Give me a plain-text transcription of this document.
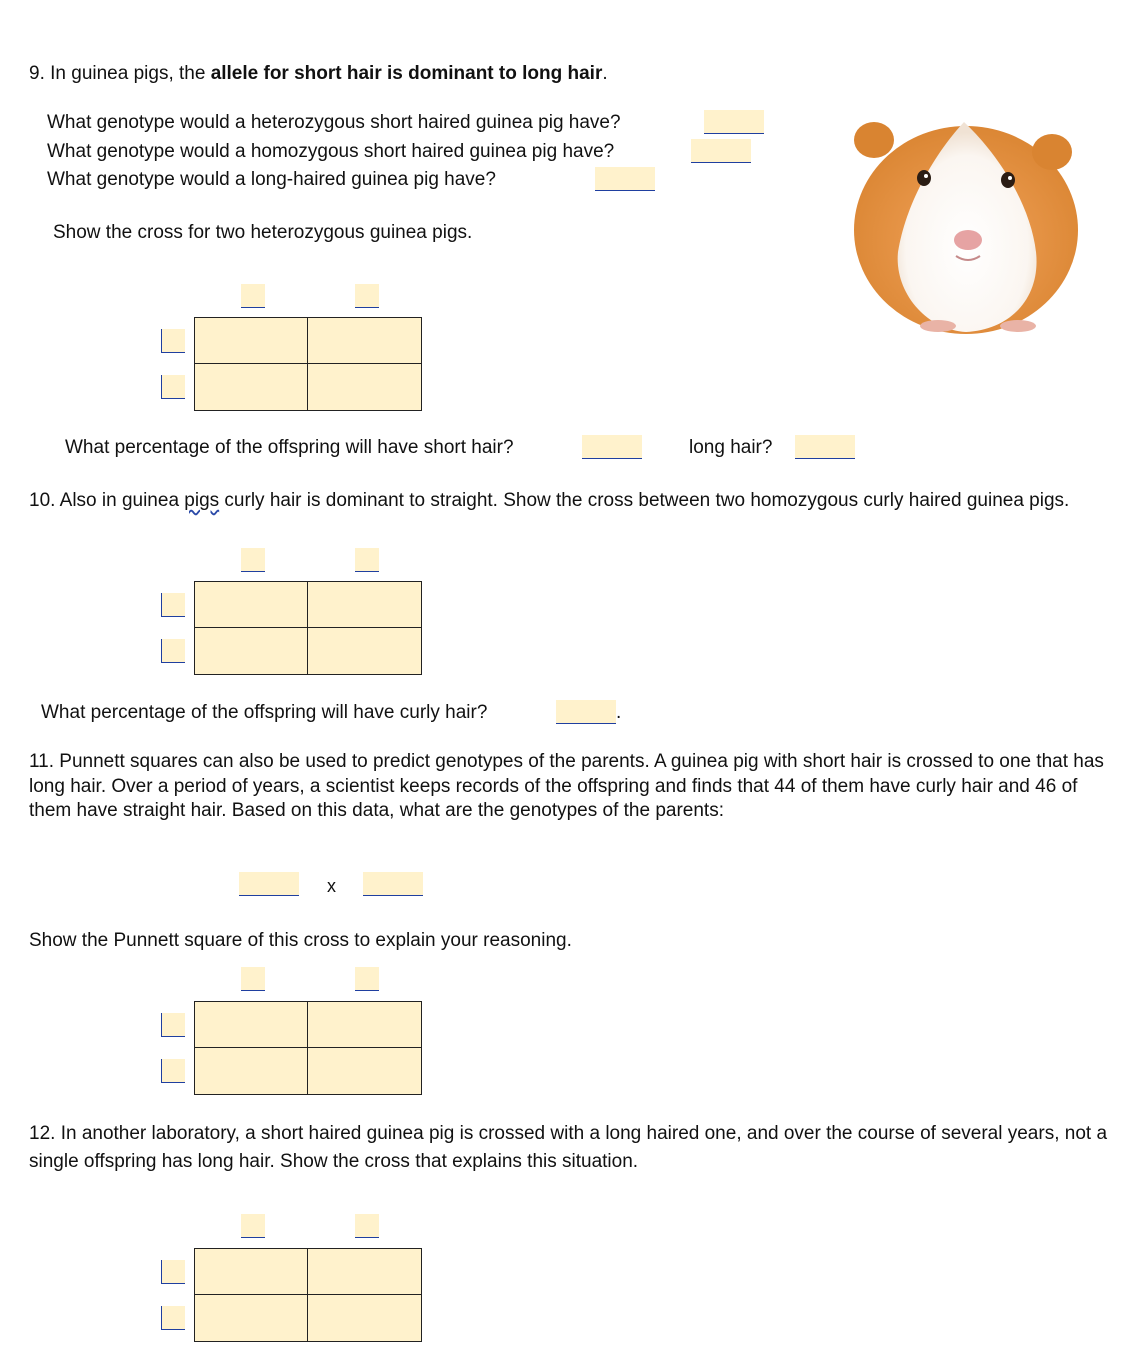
9. In guinea pigs, the allele for short hair is dominant to long hair.
What genotype would a heterozygous short haired guinea pig have?
What genotype would a homozygous short haired guinea pig have?
What genotype would a long-haired guinea pig have?
Show the cross for two heterozygous guinea pigs.
What percentage of the offspring will have short hair?	long hair?
10. Also in guinea pigs curly hair is dominant to straight. Show the cross between two homozygous curly haired guinea pigs.
What percentage of the offspring will have curly hair?	.
11. Punnett squares can also be used to predict genotypes of the parents. A guinea pig with short hair is crossed to one that has long hair. Over a period of years, a scientist keeps records of the offspring and finds that 44 of them have curly hair and 46 of them have straight hair. Based on this data, what are the genotypes of the parents:
x
Show the Punnett square of this cross to explain your reasoning.
12. In another laboratory, a short haired guinea pig is crossed with a long haired one, and over the course of several years, not a single offspring has long hair. Show the cross that explains this situation.
